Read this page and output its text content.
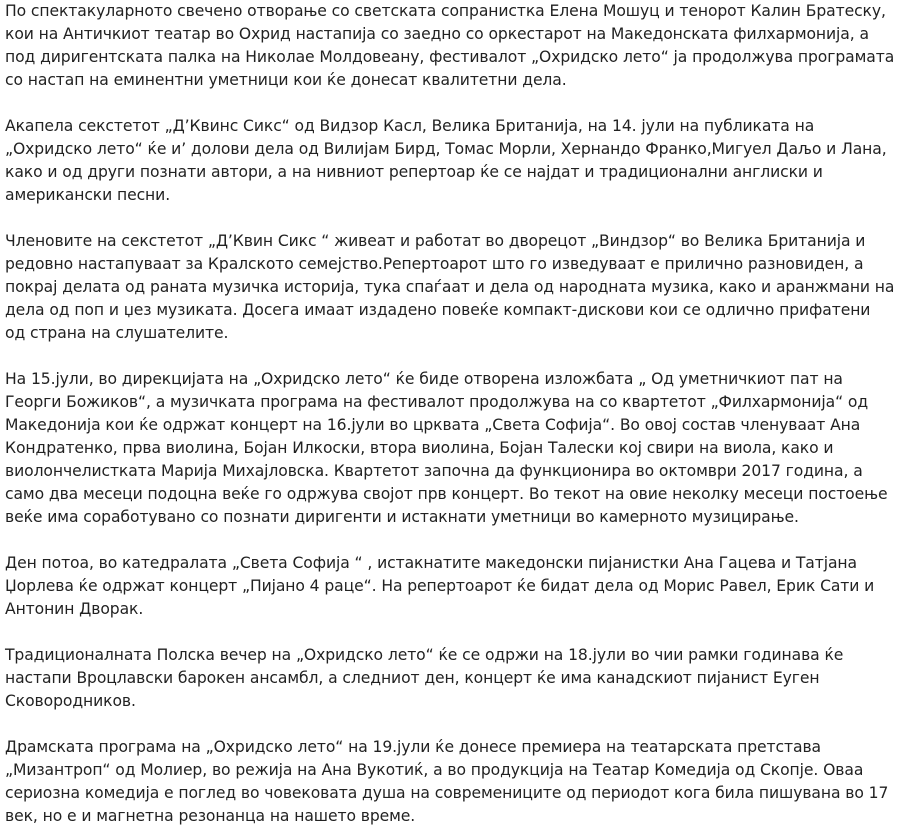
По спектакуларното свечено отворање со светската сопранистка Елена Мошуц и тенорот Калин Братеску, кои на Античкиот театар во Охрид настапија со заедно со оркестарот на Македонската филхармонија, а под диригентската палка на Николае Молдовеану, фестивалот „Охридско лето“ ја продолжува програмата со настап на еминентни уметници кои ќе донесат квалитетни дела.

Акапела секстетот „Д’Квинс Сикс“ од Видзор Касл, Велика Британија, на 14. јули на публиката на „Охридско лето“ ќе и’ долови дела од Вилијам Бирд, Томас Морли, Хернандо Франко,Мигуел Даљо и Лана, како и од други познати автори, а на нивниот репертоар ќе се најдат и традиционални англиски и американски песни.

Членовите на секстетот „Д’Квин Сикс “ живеат и работат во дворецот „Виндзор“ во Велика Британија и редовно настапуваат за Кралското семејство.Репертоарот што го изведуваат е прилично разновиден, а покрај делата од раната музичка историја, тука спаѓаат и дела од народната музика, како и аранжмани на дела од поп и џез музиката. Досега имаат издадено повеќе компакт-дискови кои се одлично прифатени од страна на слушателите.

На 15.јули, во дирекцијата на „Охридско лето“ ќе биде отворена изложбата „ Од уметничкиот пат на Георги Божиков“, а музичката програма на фестивалот продолжува на со квартетот „Филхармонија“ од Македонија кои ќе одржат концерт на 16.јули во црквата „Света Софија“. Во овој состав членуваат Ана Кондратенко, прва виолина, Бојан Илкоски, втора виолина, Бојан Талески кој свири на виола, како и виолончелистката Марија Михајловска. Квартетот започна да функционира во октомври 2017 година, а само два месеци подоцна веќе го одржува својот прв концерт. Во текот на овие неколку месеци постоење веќе има соработувано со познати диригенти и истакнати уметници во камерното музицирање.

Ден потоа, во катедралата „Света Софија “ , истакнатите македонски пијанистки Ана Гацева и Татјана Џорлева ќе одржат концерт „Пијано 4 раце“. На репертоарот ќе бидат дела од Морис Равел, Ерик Сати и Антонин Дворак.

Традиционалната Полска вечер на „Охридско лето“ ќе се одржи на 18.јули во чии рамки годинава ќе настапи Вроцлавски барокен ансамбл, а следниот ден, концерт ќе има канадскиот пијанист Еуген Сковородников.

Драмската програма на „Охридско лето“ на 19.јули ќе донесе премиера на театарската претстава „Мизантроп“ од Молиер, во режија на Ана Вукотиќ, а во продукција на Театар Комедија од Скопје. Оваа сериозна комедија е поглед во човековата душа на современиците од периодот кога била пишувана во 17 век, но е и магнетна резонанца на нашето време.
